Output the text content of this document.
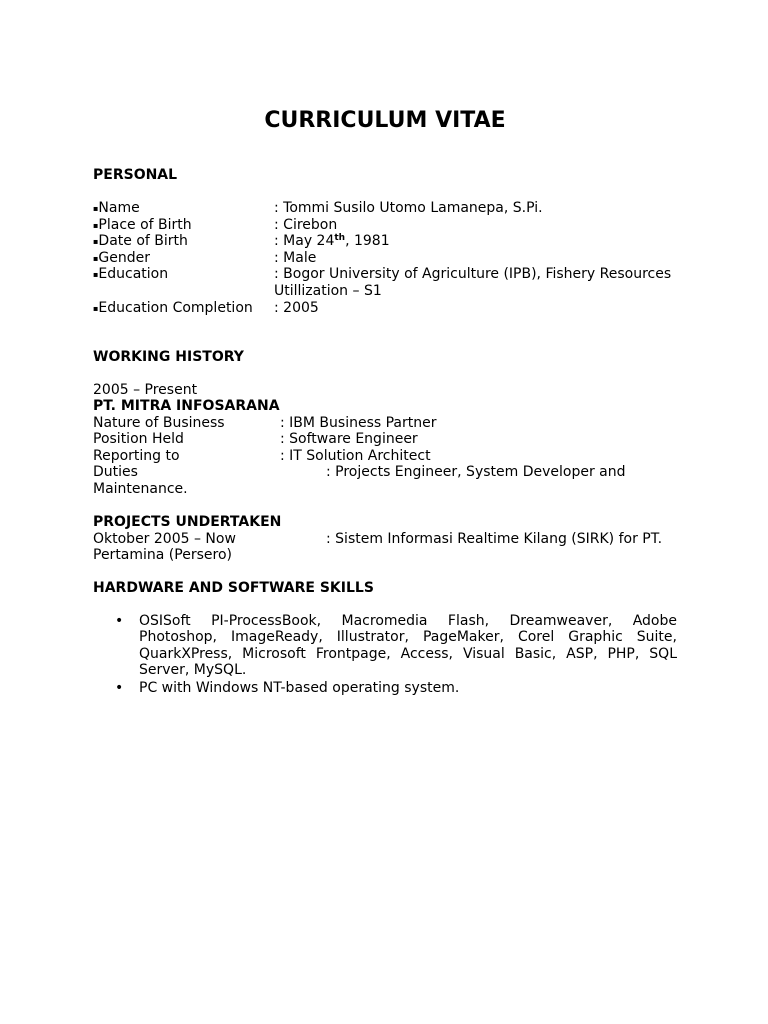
CURRICULUM VITAE
PERSONAL
▪Name	: Tommi Susilo Utomo Lamanepa, S.Pi.
▪Place of Birth	: Cirebon
▪Date of Birth	: May 24th, 1981
▪Gender	: Male
▪Education	: Bogor University of Agriculture (IPB), Fishery Resources
Utillization – S1
▪Education Completion : 2005
WORKING HISTORY
2005 – Present
PT. MITRA INFOSARANA
Nature of Business	: IBM Business Partner
Position Held	: Software Engineer
Reporting to	: IT Solution Architect
Duties	: Projects Engineer, System Developer and
Maintenance.
PROJECTS UNDERTAKEN
Oktober 2005 – Now	: Sistem Informasi Realtime Kilang (SIRK) for PT.
Pertamina (Persero)
HARDWARE AND SOFTWARE SKILLS
• OSISoft PI-ProcessBook, Macromedia Flash, Dreamweaver, Adobe Photoshop, ImageReady, Illustrator, PageMaker, Corel Graphic Suite, QuarkXPress, Microsoft Frontpage, Access, Visual Basic, ASP, PHP, SQL Server, MySQL.
• PC with Windows NT-based operating system.
